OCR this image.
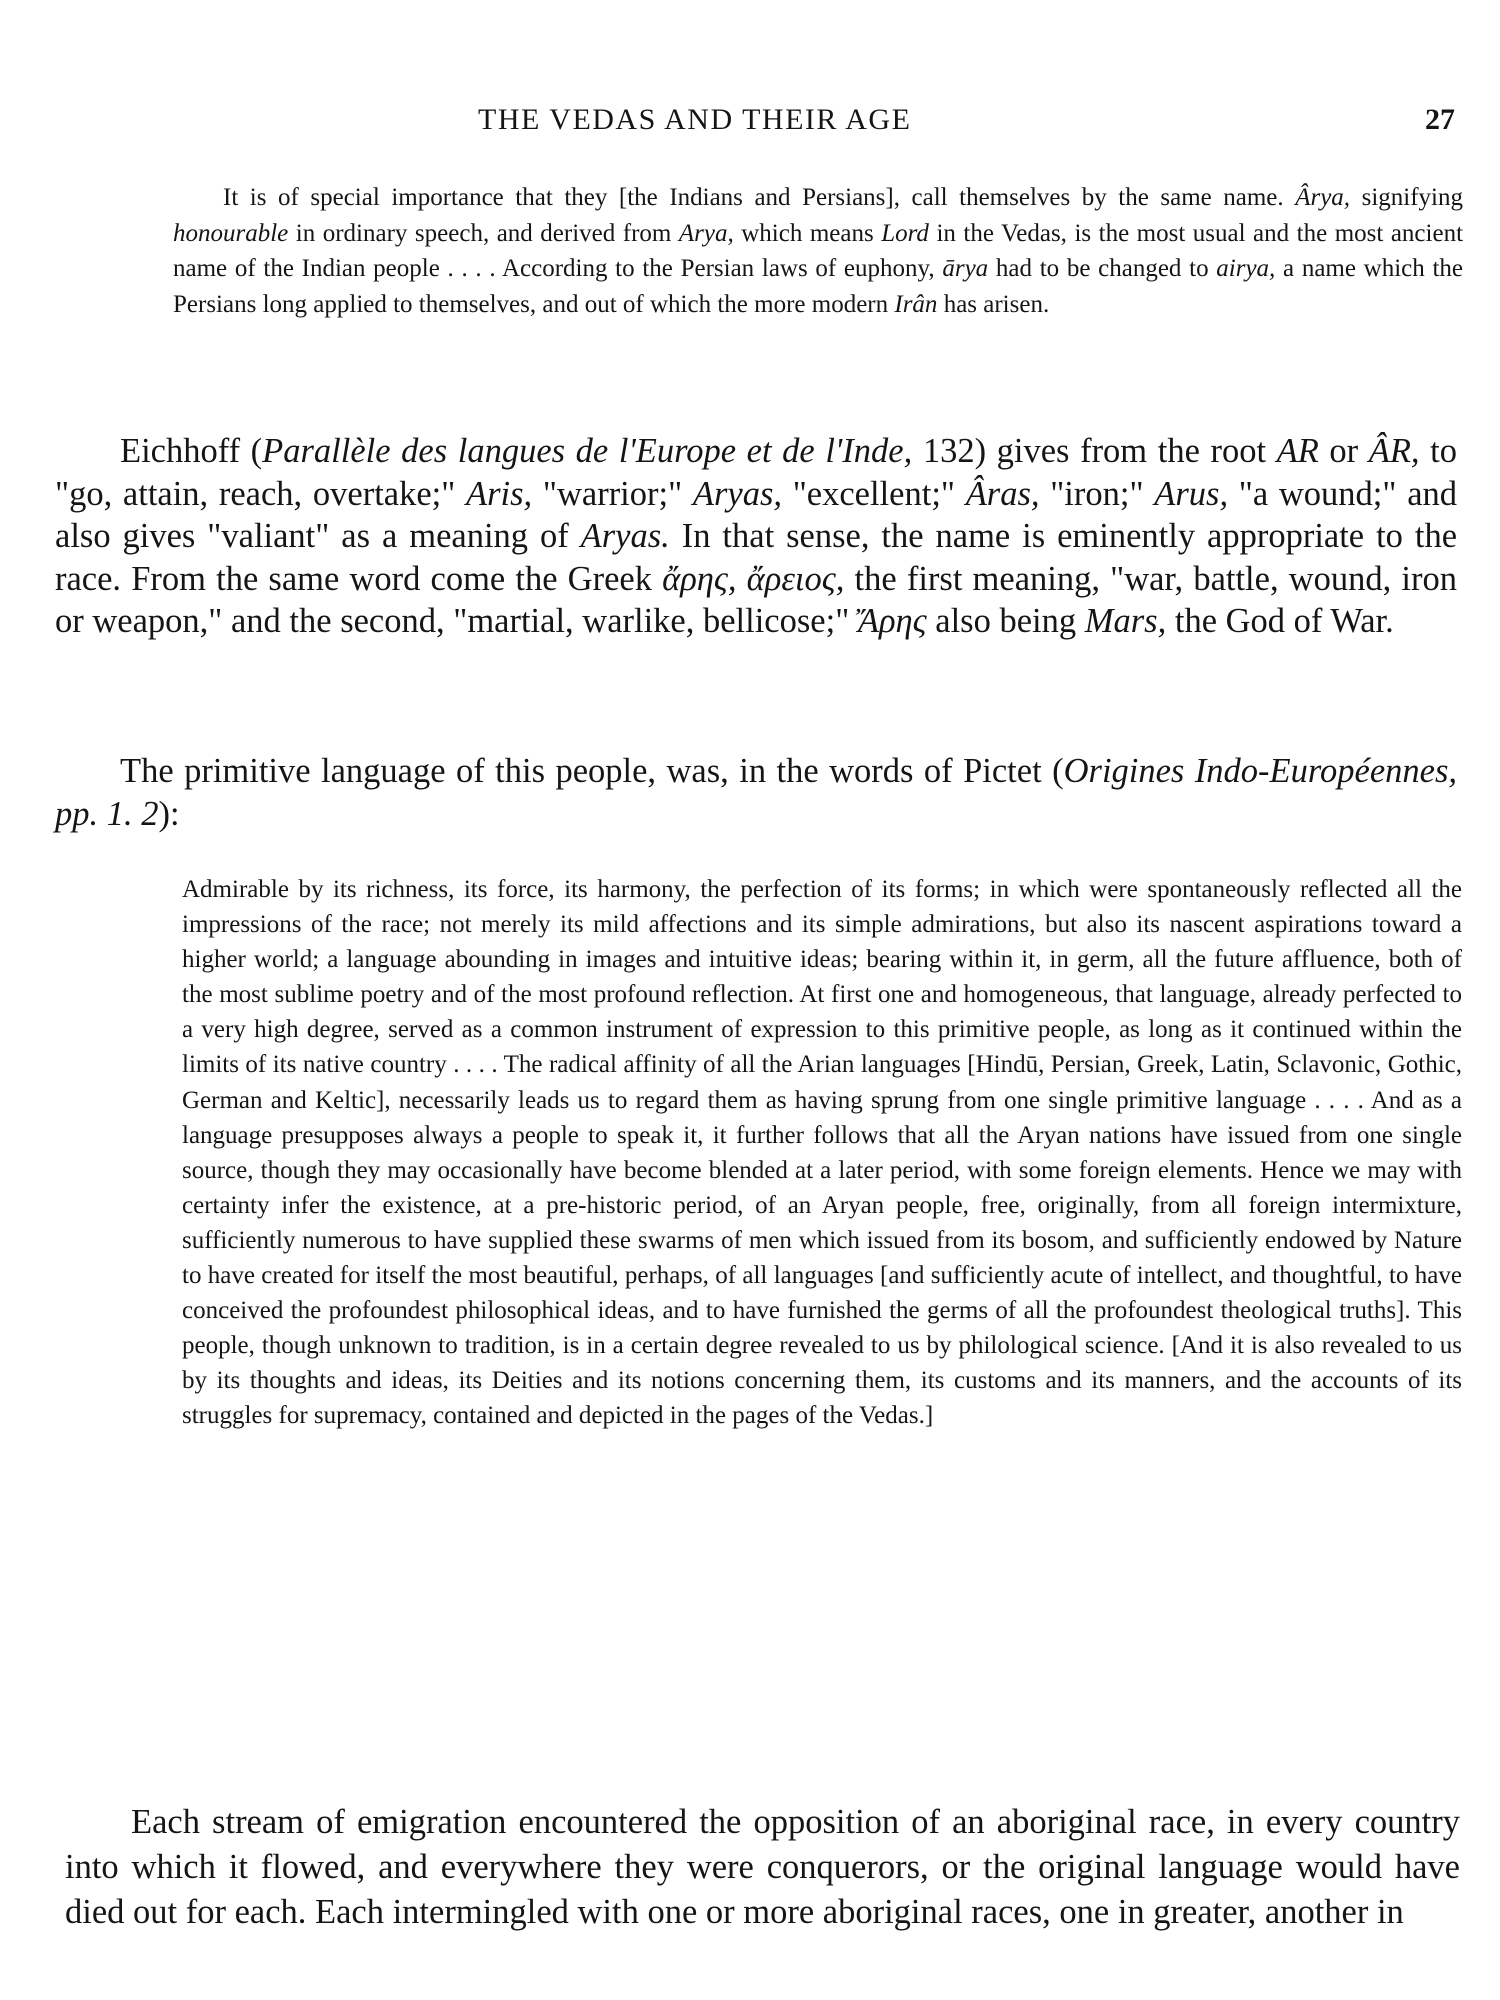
THE VEDAS AND THEIR AGE	27
It is of special importance that they [the Indians and Persians], call themselves by the same name. Ârya, signifying honourable in ordinary speech, and derived from Arya, which means Lord in the Vedas, is the most usual and the most ancient name of the Indian people . . . . According to the Persian laws of euphony, ārya had to be changed to airya, a name which the Persians long applied to themselves, and out of which the more modern Irân has arisen.
Eichhoff (Parallèle des langues de l'Europe et de l'Inde, 132) gives from the root AR or ÂR, to "go, attain, reach, overtake;" Aris, "warrior;" Aryas, "excellent;" Âras, "iron;" Arus, "a wound;" and also gives "valiant" as a meaning of Aryas. In that sense, the name is eminently appropriate to the race. From the same word come the Greek ἄρης, ἄρειος, the first meaning, "war, battle, wound, iron or weapon," and the second, "martial, warlike, bellicose;" Ἄρης also being Mars, the God of War.
The primitive language of this people, was, in the words of Pictet (Origines Indo-Européennes, pp. 1. 2):
Admirable by its richness, its force, its harmony, the perfection of its forms; in which were spontaneously reflected all the impressions of the race; not merely its mild affections and its simple admirations, but also its nascent aspirations toward a higher world; a language abounding in images and intuitive ideas; bearing within it, in germ, all the future affluence, both of the most sublime poetry and of the most profound reflection. At first one and homogeneous, that language, already perfected to a very high degree, served as a common instrument of expression to this primitive people, as long as it continued within the limits of its native country . . . . The radical affinity of all the Arian languages [Hindū, Persian, Greek, Latin, Sclavonic, Gothic, German and Keltic], necessarily leads us to regard them as having sprung from one single primitive language . . . . And as a language presupposes always a people to speak it, it further follows that all the Aryan nations have issued from one single source, though they may occasionally have become blended at a later period, with some foreign elements. Hence we may with certainty infer the existence, at a pre-historic period, of an Aryan people, free, originally, from all foreign intermixture, sufficiently numerous to have supplied these swarms of men which issued from its bosom, and sufficiently endowed by Nature to have created for itself the most beautiful, perhaps, of all languages [and sufficiently acute of intellect, and thoughtful, to have conceived the profoundest philosophical ideas, and to have furnished the germs of all the profoundest theological truths]. This people, though unknown to tradition, is in a certain degree revealed to us by philological science. [And it is also revealed to us by its thoughts and ideas, its Deities and its notions concerning them, its customs and its manners, and the accounts of its struggles for supremacy, contained and depicted in the pages of the Vedas.]
Each stream of emigration encountered the opposition of an aboriginal race, in every country into which it flowed, and everywhere they were conquerors, or the original language would have died out for each. Each intermingled with one or more aboriginal races, one in greater, another in
